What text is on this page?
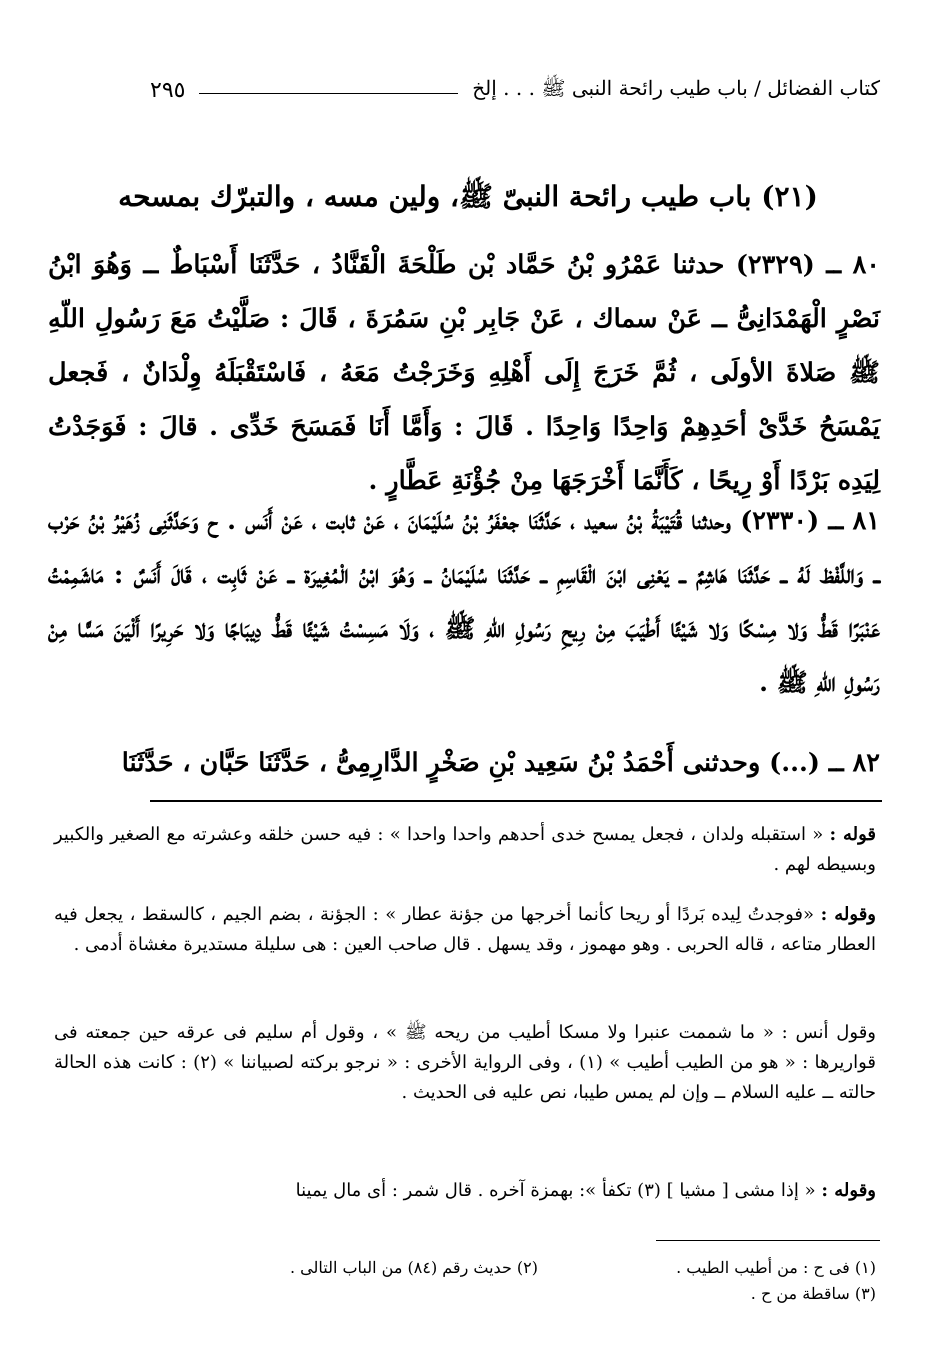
كتاب الفضائل / باب طيب رائحة النبى ﷺ . . . إلخ
٢٩٥
(٢١) باب طيب رائحة النبىّ ﷺ، ولين مسه ، والتبرّك بمسحه
٨٠ ــ (٢٣٢٩) حدثنا عَمْرُو بْنُ حَمَّاد بْن طَلْحَةَ الْقَنَّادُ ، حَدَّثَنَا أَسْبَاطٌ ــ وَهُوَ ابْنُ نَصْرٍ الْهَمْدَانِىُّ ــ عَنْ سماك ، عَنْ جَابِر بْنِ سَمُرَةَ ، قَالَ : صَلَّيْتُ مَعَ رَسُولِ اللّهِ ﷺ صَلاةَ الأولَى ، ثُمَّ خَرَجَ إِلَى أَهْلِهِ وَخَرَجْتُ مَعَهُ ، فَاسْتَقْبَلَهُ وِلْدَانٌ ، فَجعل يَمْسَحُ خَدَّىْ أحَدِهِمْ وَاحِدًا وَاحِدًا . قَالَ : وَأَمَّا أَنَا فَمَسَحَ خَدِّى . قالَ : فَوَجَدْتُ لِيَدِه بَرْدًا أَوْ رِيحًا ، كَأَنَّمَا أَخْرَجَهَا مِنْ جُؤْنَةِ عَطَّارٍ .
٨١ ــ (٢٣٣٠) وحدثنا قُتَيْبَةُ بْنُ سعيد ، حَدَّثَنَا جعْفَرُ بْنُ سُلَيْمَانَ ، عَنْ ثابت ، عَنْ أَنَس . ح وَحَدَّثَنِى زُهَيْرُ بْنُ حَرْب ــ وَاللَّفْظ لَهُ ــ حَدَّثَنَا هَاشِمٌ ــ يَعْنِى ابْنَ الْقَاسِمِ ــ حَدَّثَنَا سُلَيْمَانُ ــ وَهُوَ ابْنُ الْمُغِيرَة ــ عَنْ ثَابِت ، قَالَ أَنَسٌ : مَاشَمِمْتُ عَنْبَرًا قَطُّ وَلا مِسْكًا وَلا شَيْئًا أَطْيَبَ مِنْ رِيحِ رَسُولِ اللّهِ ﷺ ، وَلَا مَسِسْتُ شَيْئًا قَطُّ دِيبَاجًا وَلا حَرِيرًا أَلْيَنَ مَسًّا مِنْ رَسُولِ اللّهِ ﷺ .
٨٢ ــ (...) وحدثنى أَحْمَدُ بْنُ سَعِيد بْنِ صَخْرٍ الدَّارِمِىُّ ، حَدَّثَنَا حَبَّان ، حَدَّثَنَا
قوله : « استقبله ولدان ، فجعل يمسح خدى أحدهم واحدا واحدا » : فيه حسن خلقه وعشرته مع الصغير والكبير وبسيطه لهم .
وقوله : «فوجدتُ لِيده بَردًا أو ريحا كأنما أخرجها من جؤنة عطار » : الجؤنة ، بضم الجيم ، كالسقط ، يجعل فيه العطار متاعه ، قاله الحربى . وهو مهموز ، وقد يسهل . قال صاحب العين : هى سليلة مستديرة مغشاة أدمى .
وقول أنس : « ما شممت عنبرا ولا مسكا أطيب من ريحه ﷺ » ، وقول أم سليم فى عرقه حين جمعته فى قواريرها : « هو من الطيب أطيب » (١) ، وفى الرواية الأخرى : « نرجو بركته لصبياننا » (٢) : كانت هذه الحالة حالته ــ عليه السلام ــ وإن لم يمس طيبا، نص عليه فى الحديث .
وقوله : « إذا مشى [ مشيا ] (٣) تكفأ »: بهمزة آخره . قال شمر : أى مال يمينا
(١) فى ح : من أطيب الطيب .
(٢) حديث رقم (٨٤) من الباب التالى .
(٣) ساقطة من ح .
